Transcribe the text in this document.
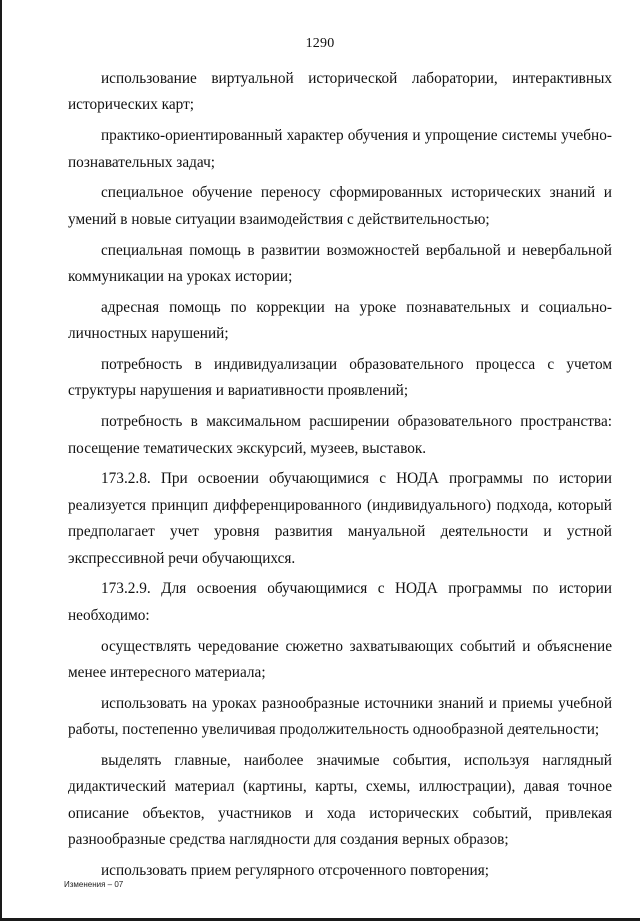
1290

использование виртуальной исторической лаборатории, интерактивных исторических карт;

практико-ориентированный характер обучения и упрощение системы учебно-познавательных задач;

специальное обучение переносу сформированных исторических знаний и умений в новые ситуации взаимодействия с действительностью;

специальная помощь в развитии возможностей вербальной и невербальной коммуникации на уроках истории;

адресная помощь по коррекции на уроке познавательных и социально-личностных нарушений;

потребность в индивидуализации образовательного процесса с учетом структуры нарушения и вариативности проявлений;

потребность в максимальном расширении образовательного пространства: посещение тематических экскурсий, музеев, выставок.

173.2.8. При освоении обучающимися с НОДА программы по истории реализуется принцип дифференцированного (индивидуального) подхода, который предполагает учет уровня развития мануальной деятельности и устной экспрессивной речи обучающихся.

173.2.9. Для освоения обучающимися с НОДА программы по истории необходимо:

осуществлять чередование сюжетно захватывающих событий и объяснение менее интересного материала;

использовать на уроках разнообразные источники знаний и приемы учебной работы, постепенно увеличивая продолжительность однообразной деятельности;

выделять главные, наиболее значимые события, используя наглядный дидактический материал (картины, карты, схемы, иллюстрации), давая точное описание объектов, участников и хода исторических событий, привлекая разнообразные средства наглядности для создания верных образов;

использовать прием регулярного отсроченного повторения;

Изменения – 07
